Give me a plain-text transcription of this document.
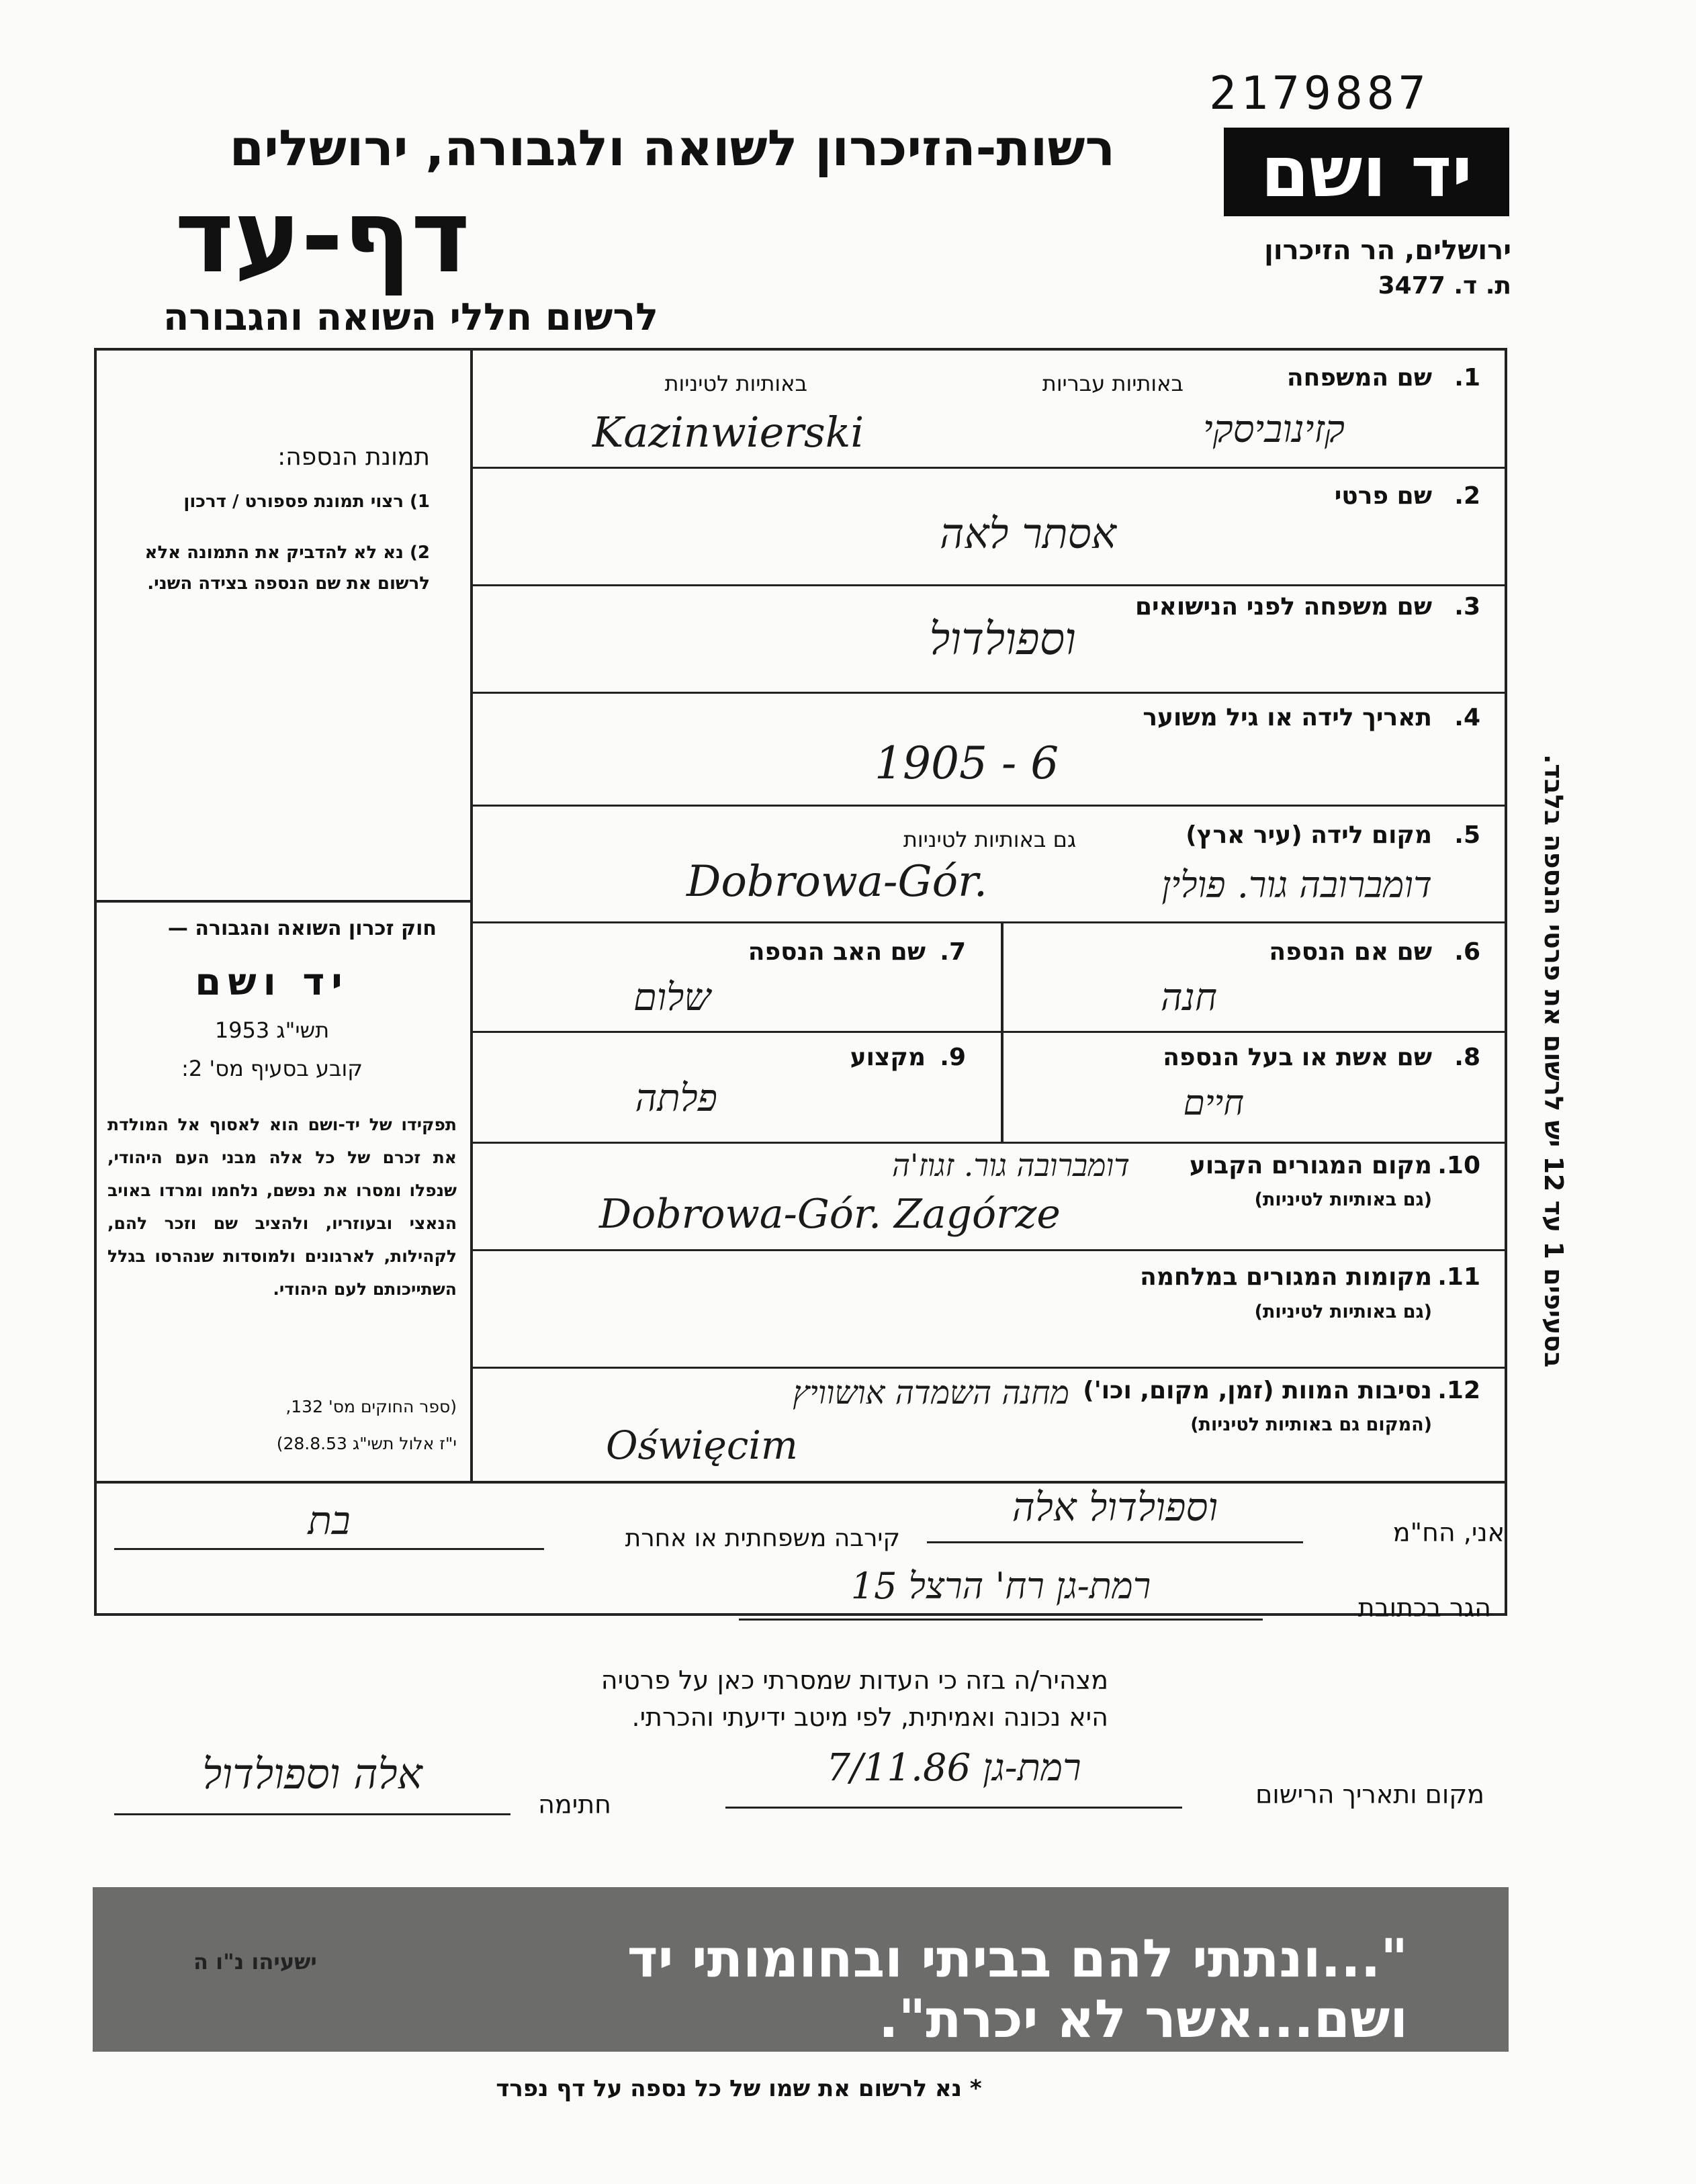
2179887
רשות-הזיכרון לשואה ולגבורה, ירושלים
דף-עד
לרשום חללי השואה והגבורה
יד ושם
ירושלים, הר הזיכרון
ת. ד. 3477
תמונת הנספה:
1) רצוי תמונת פספורט / דרכון
2) נא לא להדביק את התמונה אלא לרשום את שם הנספה בצידה השני.
חוק זכרון השואה והגבורה —
יד ושם
תשי"ג 1953
קובע בסעיף מס' 2:
תפקידו של יד-ושם הוא לאסוף אל המולדת את זכרם של כל אלה מבני העם היהודי, שנפלו ומסרו את נפשם, נלחמו ומרדו באויב הנאצי ובעוזריו, ולהציב שם וזכר להם, לקהילות, לארגונים ולמוסדות שנהרסו בגלל השתייכותם לעם היהודי.
(ספר החוקים מס' 132,
י"ז אלול תשי"ג 28.8.53)
בסעיפים 1 עד 12 יש לרשום את פרטי הנספה בלבד.
1.
שם המשפחה
באותיות עבריות
באותיות לטיניות
קזינוביסקי
Kazinwierski
2.
שם פרטי
אסתר לאה
3.
שם משפחה לפני הנישואים
וספולדול
4.
תאריך לידה או גיל משוער
1905 - 6
5.
מקום לידה (עיר ארץ)
גם באותיות לטיניות
דומברובה גור. פולין
Dobrowa-Gór.
6.
שם אם הנספה
חנה
7.
שם האב הנספה
שלום
8.
שם אשת או בעל הנספה
חיים
9.
מקצוע
פלתה
10.
מקום המגורים הקבוע
(גם באותיות לטיניות)
דומברובה גור. זגוז'ה
Dobrowa-Gór. Zagórze
11.
מקומות המגורים במלחמה
(גם באותיות לטיניות)
12.
נסיבות המוות (זמן, מקום, וכו')
(המקום גם באותיות לטיניות)
מחנה השמדה אושוויץ
Oświęcim
אני, הח"מ
וספולדול אלה
קירבה משפחתית או אחרת
בת
הגר בכתובת
רמת-גן רח' הרצל 15
מצהיר/ה בזה כי העדות שמסרתי כאן על פרטיה
היא נכונה ואמיתית, לפי מיטב ידיעתי והכרתי.
מקום ותאריך הרישום
רמת-גן 7/11.86
חתימה
אלה וספולדול
"...ונתתי להם בביתי ובחומותי יד ושם...אשר לא יכרת".
ישעיהו נ"ו ה
* נא לרשום את שמו של כל נספה על דף נפרד
